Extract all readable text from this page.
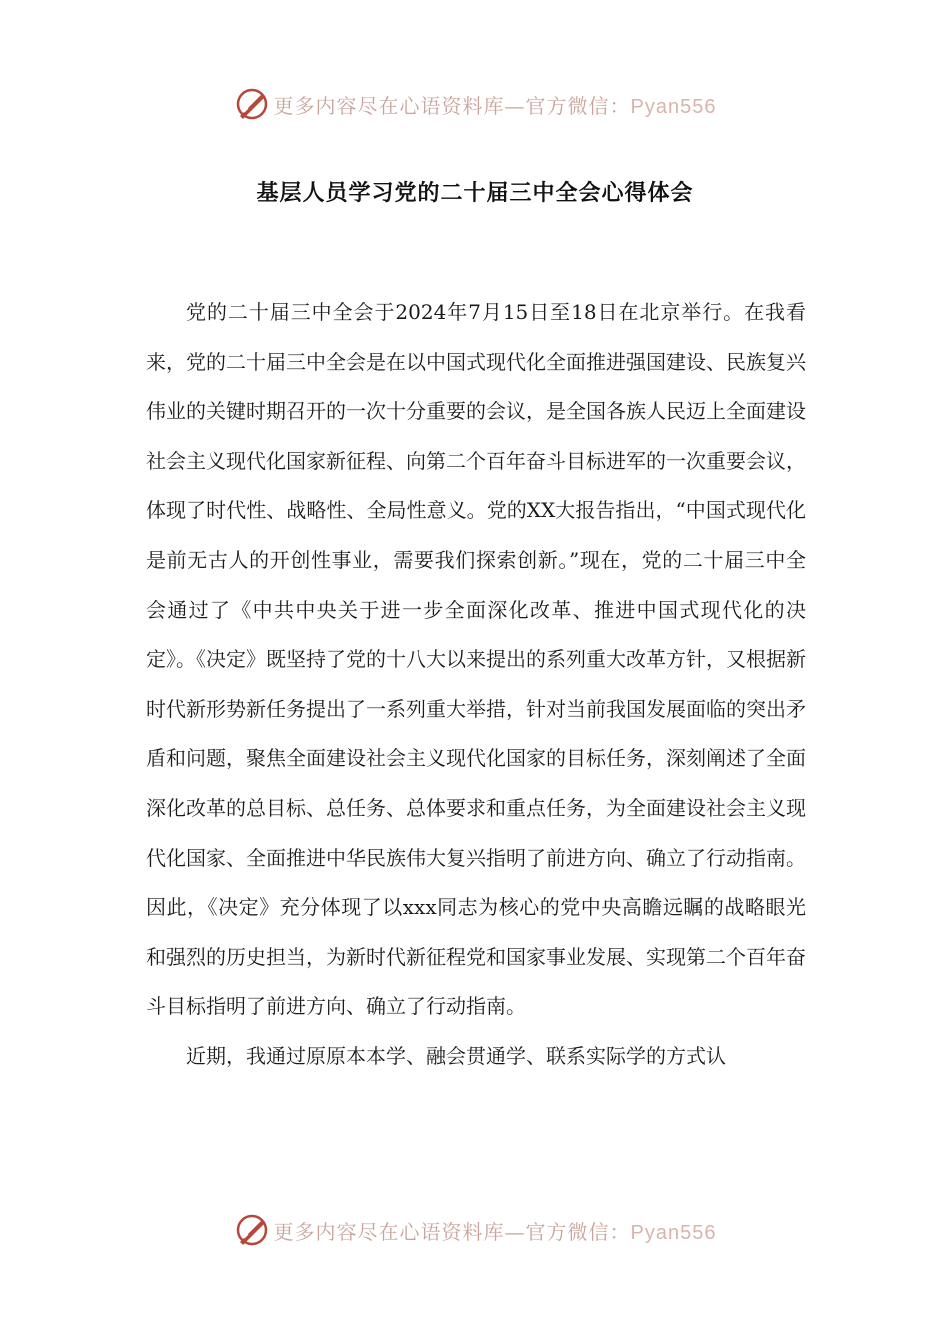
更多内容尽在心语资料库—官方微信：Pyan556
基层人员学习党的二十届三中全会心得体会

党的二十届三中全会于2024年7月15日至18日在北京举行。在我看来，党的二十届三中全会是在以中国式现代化全面推进强国建设、民族复兴伟业的关键时期召开的一次十分重要的会议，是全国各族人民迈上全面建设社会主义现代化国家新征程、向第二个百年奋斗目标进军的一次重要会议，体现了时代性、战略性、全局性意义。党的XX大报告指出，“中国式现代化是前无古人的开创性事业，需要我们探索创新。”现在，党的二十届三中全会通过了《中共中央关于进一步全面深化改革、推进中国式现代化的决定》。《决定》既坚持了党的十八大以来提出的系列重大改革方针，又根据新时代新形势新任务提出了一系列重大举措，针对当前我国发展面临的突出矛盾和问题，聚焦全面建设社会主义现代化国家的目标任务，深刻阐述了全面深化改革的总目标、总任务、总体要求和重点任务，为全面建设社会主义现代化国家、全面推进中华民族伟大复兴指明了前进方向、确立了行动指南。因此，《决定》充分体现了以xxx同志为核心的党中央高瞻远瞩的战略眼光和强烈的历史担当，为新时代新征程党和国家事业发展、实现第二个百年奋斗目标指明了前进方向、确立了行动指南。

近期，我通过原原本本学、融会贯通学、联系实际学的方式认

更多内容尽在心语资料库—官方微信：Pyan556
